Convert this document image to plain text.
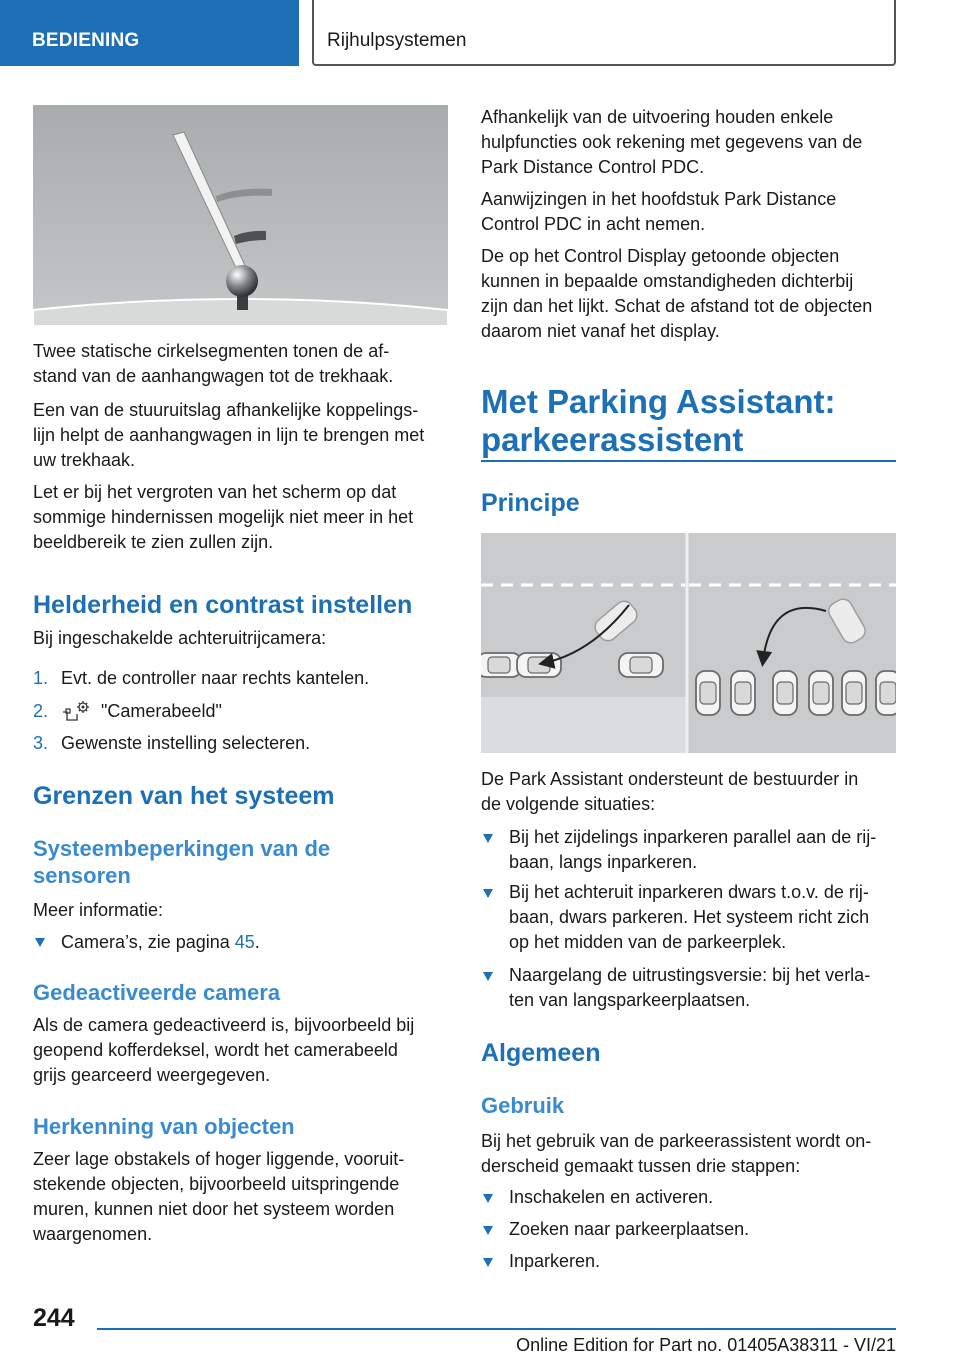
BEDIENING	Rijhulpsystemen
Twee statische cirkelsegmenten tonen de af-
stand van de aanhangwagen tot de trekhaak.
Een van de stuuruitslag afhankelijke koppelings-
lijn helpt de aanhangwagen in lijn te brengen met
uw trekhaak.
Let er bij het vergroten van het scherm op dat
sommige hindernissen mogelijk niet meer in het
beeldbereik te zien zullen zijn.
Helderheid en contrast instellen
Bij ingeschakelde achteruitrijcamera:
1. Evt. de controller naar rechts kantelen.
2.	"Camerabeeld"
3. Gewenste instelling selecteren.
Grenzen van het systeem
Systeembeperkingen van de
sensoren
Meer informatie:
Camera’s, zie pagina 45.
Gedeactiveerde camera
Als de camera gedeactiveerd is, bijvoorbeeld bij
geopend kofferdeksel, wordt het camerabeeld
grijs gearceerd weergegeven.
Herkenning van objecten
Zeer lage obstakels of hoger liggende, vooruit-
stekende objecten, bijvoorbeeld uitspringende
muren, kunnen niet door het systeem worden
waargenomen.
Afhankelijk van de uitvoering houden enkele
hulpfuncties ook rekening met gegevens van de
Park Distance Control PDC.
Aanwijzingen in het hoofdstuk Park Distance
Control PDC in acht nemen.
De op het Control Display getoonde objecten
kunnen in bepaalde omstandigheden dichterbij
zijn dan het lijkt. Schat de afstand tot de objecten
daarom niet vanaf het display.
Met Parking Assistant:
parkeerassistent
Principe
De Park Assistant ondersteunt de bestuurder in
de volgende situaties:
Bij het zijdelings inparkeren parallel aan de rij-
baan, langs inparkeren.
Bij het achteruit inparkeren dwars t.o.v. de rij-
baan, dwars parkeren. Het systeem richt zich
op het midden van de parkeerplek.
Naargelang de uitrustingsversie: bij het verla-
ten van langsparkeerplaatsen.
Algemeen
Gebruik
Bij het gebruik van de parkeerassistent wordt on-
derscheid gemaakt tussen drie stappen:
Inschakelen en activeren.
Zoeken naar parkeerplaatsen.
Inparkeren.
244
Online Edition for Part no. 01405A38311 - VI/21
